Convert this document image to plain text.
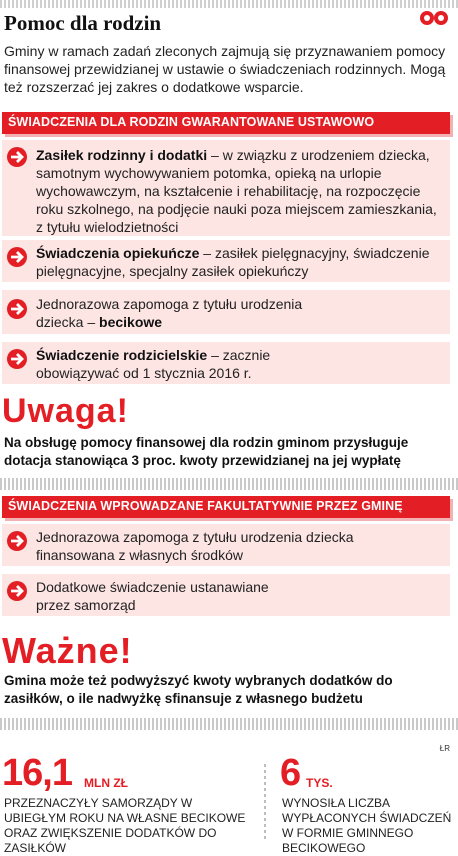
Pomoc dla rodzin
Gminy w ramach zadań zleconych zajmują się przyznawaniem pomocy finansowej przewidzianej w ustawie o świadczeniach rodzinnych. Mogą też rozszerzać jej zakres o dodatkowe wsparcie.
ŚWIADCZENIA DLA RODZIN GWARANTOWANE USTAWOWO
Zasiłek rodzinny i dodatki – w związku z urodzeniem dziecka, samotnym wychowywaniem potomka, opieką na urlopie wychowawczym, na kształcenie i rehabilitację, na rozpoczęcie roku szkolnego, na podjęcie nauki poza miejscem zamieszkania, z tytułu wielodzietności
Świadczenia opiekuńcze – zasiłek pielęgnacyjny, świadczenie pielęgnacyjne, specjalny zasiłek opiekuńczy
Jednorazowa zapomoga z tytułu urodzenia dziecka – becikowe
Świadczenie rodzicielskie – zacznie obowiązywać od 1 stycznia 2016 r.
Uwaga!
Na obsługę pomocy finansowej dla rodzin gminom przysługuje dotacja stanowiąca 3 proc. kwoty przewidzianej na jej wypłatę
ŚWIADCZENIA WPROWADZANE FAKULTATYWNIE PRZEZ GMINĘ
Jednorazowa zapomoga z tytułu urodzenia dziecka finansowana z własnych środków
Dodatkowe świadczenie ustanawiane przez samorząd
Ważne!
Gmina może też podwyższyć kwoty wybranych dodatków do zasiłków, o ile nadwyżkę sfinansuje z własnego budżetu
ŁR
16,1 MLN ZŁ
PRZEZNACZYŁY SAMORZĄDY W UBIEGŁYM ROKU NA WŁASNE BECIKOWE ORAZ ZWIĘKSZENIE DODATKÓW DO ZASIŁKÓW
6 TYS.
WYNOSIŁA LICZBA WYPŁACONYCH ŚWIADCZEŃ W FORMIE GMINNEGO BECIKOWEGO
